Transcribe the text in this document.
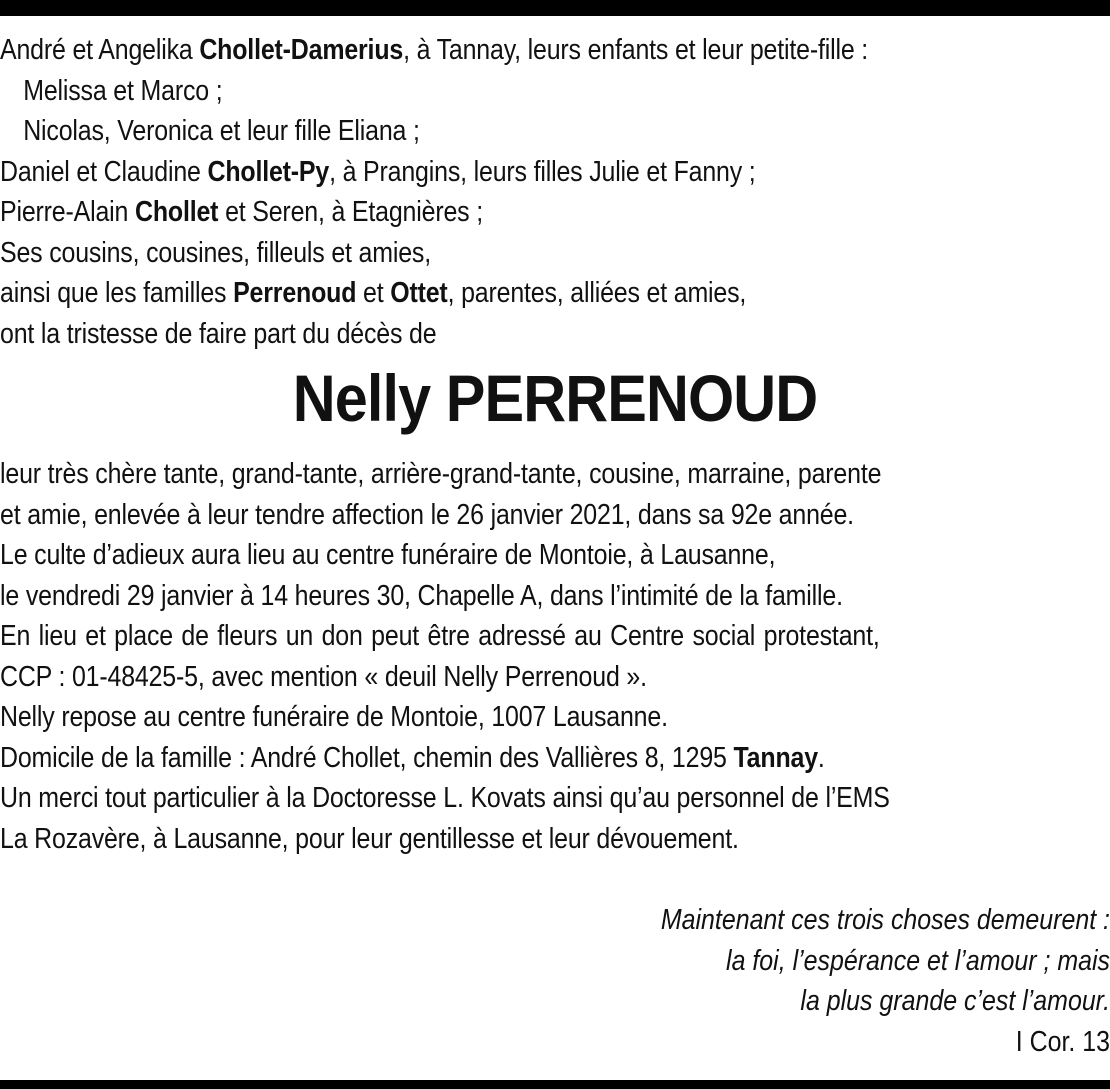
André et Angelika Chollet-Damerius, à Tannay, leurs enfants et leur petite-fille :
Melissa et Marco ;
Nicolas, Veronica et leur fille Eliana ;
Daniel et Claudine Chollet-Py, à Prangins, leurs filles Julie et Fanny ;
Pierre-Alain Chollet et Seren, à Etagnières ;
Ses cousins, cousines, filleuls et amies,
ainsi que les familles Perrenoud et Ottet, parentes, alliées et amies,
ont la tristesse de faire part du décès de
Nelly PERRENOUD
leur très chère tante, grand-tante, arrière-grand-tante, cousine, marraine, parente
et amie, enlevée à leur tendre affection le 26 janvier 2021, dans sa 92e année.
Le culte d’adieux aura lieu au centre funéraire de Montoie, à Lausanne,
le vendredi 29 janvier à 14 heures 30, Chapelle A, dans l’intimité de la famille.
En lieu et place de fleurs un don peut être adressé au Centre social protestant,
CCP : 01-48425-5, avec mention « deuil Nelly Perrenoud ».
Nelly repose au centre funéraire de Montoie, 1007 Lausanne.
Domicile de la famille : André Chollet, chemin des Vallières 8, 1295 Tannay.
Un merci tout particulier à la Doctoresse L. Kovats ainsi qu’au personnel de l’EMS
La Rozavère, à Lausanne, pour leur gentillesse et leur dévouement.
Maintenant ces trois choses demeurent :
la foi, l’espérance et l’amour ; mais
la plus grande c’est l’amour.
I Cor. 13
